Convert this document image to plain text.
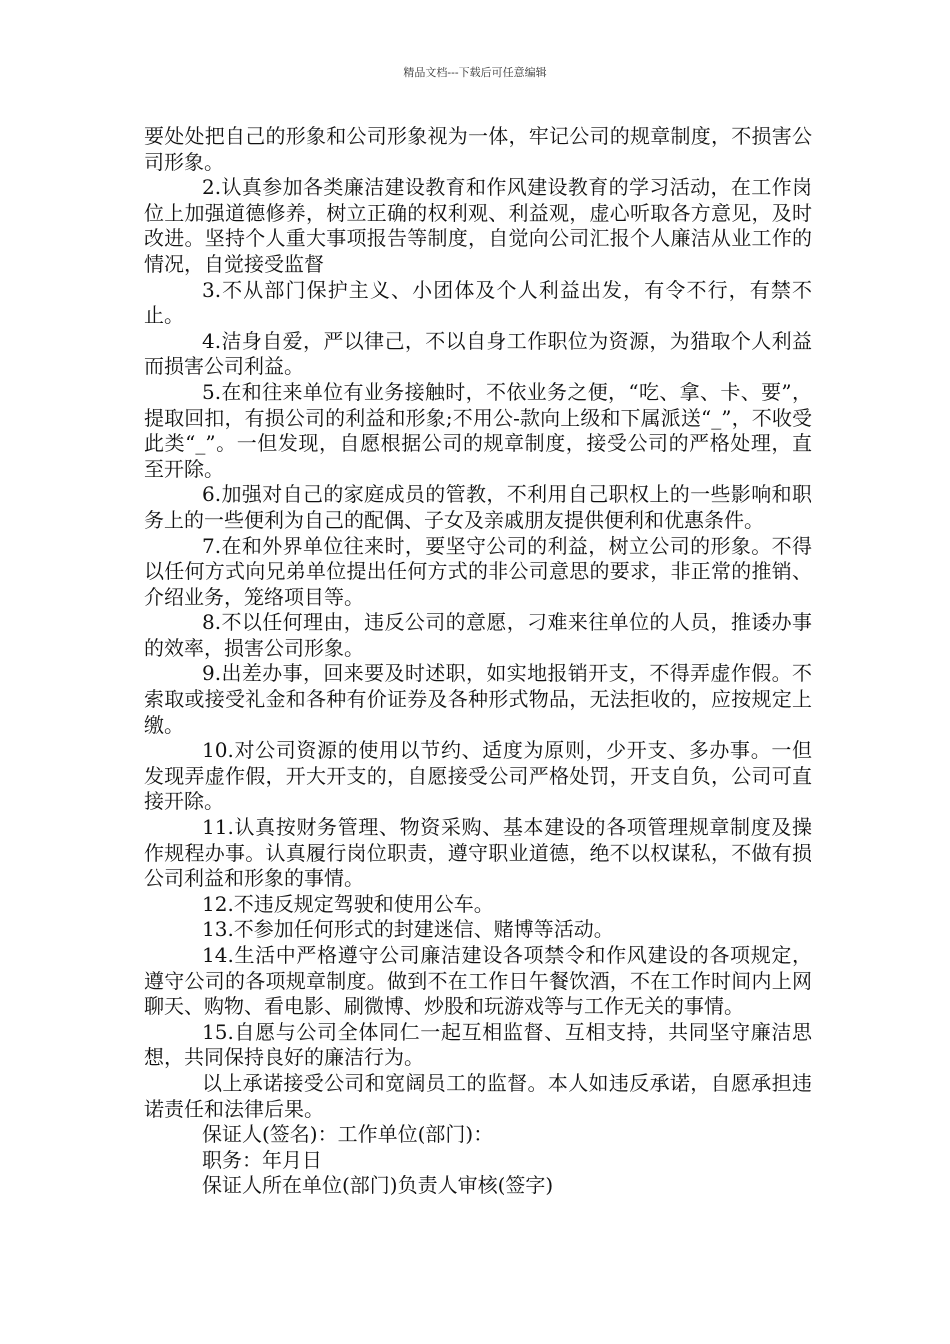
精品文档---下载后可任意编辑

要处处把自己的形象和公司形象视为一体，牢记公司的规章制度，不损害公司形象。

2.认真参加各类廉洁建设教育和作风建设教育的学习活动，在工作岗位上加强道德修养，树立正确的权利观、利益观，虚心听取各方意见，及时改进。坚持个人重大事项报告等制度，自觉向公司汇报个人廉洁从业工作的情况，自觉接受监督

3.不从部门保护主义、小团体及个人利益出发，有令不行，有禁不止。

4.洁身自爱，严以律己，不以自身工作职位为资源，为猎取个人利益而损害公司利益。

5.在和往来单位有业务接触时，不依业务之便，“吃、拿、卡、要”，提取回扣，有损公司的利益和形象;不用公-款向上级和下属派送“_”，不收受此类“_”。一但发现，自愿根据公司的规章制度，接受公司的严格处理，直至开除。

6.加强对自己的家庭成员的管教，不利用自己职权上的一些影响和职务上的一些便利为自己的配偶、子女及亲戚朋友提供便利和优惠条件。

7.在和外界单位往来时，要坚守公司的利益，树立公司的形象。不得以任何方式向兄弟单位提出任何方式的非公司意思的要求，非正常的推销、介绍业务，笼络项目等。

8.不以任何理由，违反公司的意愿，刁难来往单位的人员，推诿办事的效率，损害公司形象。

9.出差办事，回来要及时述职，如实地报销开支，不得弄虚作假。不索取或接受礼金和各种有价证券及各种形式物品，无法拒收的，应按规定上缴。

10.对公司资源的使用以节约、适度为原则，少开支、多办事。一但发现弄虚作假，开大开支的，自愿接受公司严格处罚，开支自负，公司可直接开除。

11.认真按财务管理、物资采购、基本建设的各项管理规章制度及操作规程办事。认真履行岗位职责，遵守职业道德，绝不以权谋私，不做有损公司利益和形象的事情。

12.不违反规定驾驶和使用公车。

13.不参加任何形式的封建迷信、赌博等活动。

14.生活中严格遵守公司廉洁建设各项禁令和作风建设的各项规定，遵守公司的各项规章制度。做到不在工作日午餐饮酒，不在工作时间内上网聊天、购物、看电影、刷微博、炒股和玩游戏等与工作无关的事情。

15.自愿与公司全体同仁一起互相监督、互相支持，共同坚守廉洁思想，共同保持良好的廉洁行为。

以上承诺接受公司和宽阔员工的监督。本人如违反承诺，自愿承担违诺责任和法律后果。

保证人(签名)：工作单位(部门)：

职务：年月日

保证人所在单位(部门)负责人审核(签字)
